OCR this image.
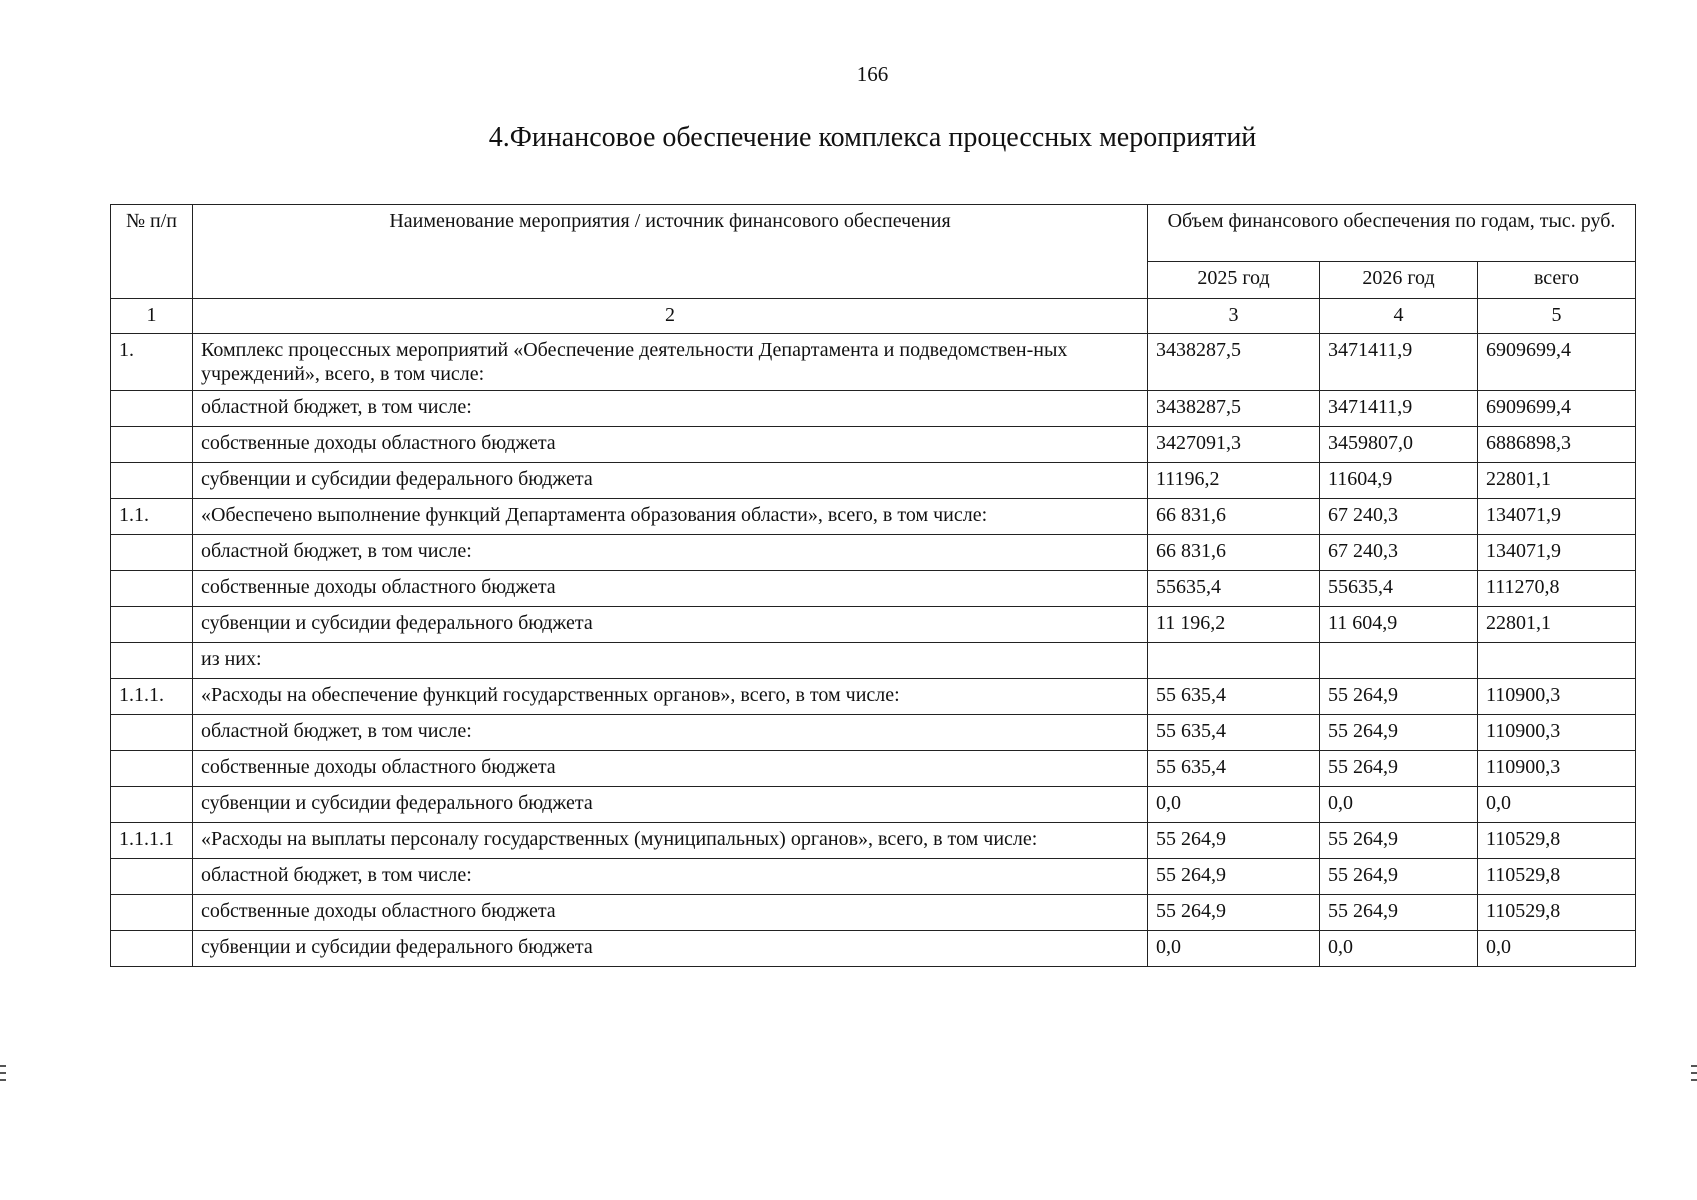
166
4.Финансовое обеспечение комплекса процессных мероприятий
№ п/п	Наименование мероприятия / источник финансового обеспечения	Объем финансового обеспечения по годам, тыс. руб.		
		2025 год	2026 год	всего
1	2	3	4	5
1.	Комплекс процессных мероприятий «Обеспечение деятельности Департамента и подведомствен-ных учреждений», всего, в том числе:	3438287,5	3471411,9	6909699,4
	областной бюджет, в том числе:	3438287,5	3471411,9	6909699,4
	собственные доходы областного бюджета	3427091,3	3459807,0	6886898,3
	субвенции и субсидии федерального бюджета	11196,2	11604,9	22801,1
1.1.	«Обеспечено выполнение функций Департамента образования области», всего, в том числе:	66 831,6	67 240,3	134071,9
	областной бюджет, в том числе:	66 831,6	67 240,3	134071,9
	собственные доходы областного бюджета	55635,4	55635,4	111270,8
	субвенции и субсидии федерального бюджета	11 196,2	11 604,9	22801,1
	из них:			
1.1.1.	«Расходы на обеспечение функций государственных органов», всего, в том числе:	55 635,4	55 264,9	110900,3
	областной бюджет, в том числе:	55 635,4	55 264,9	110900,3
	собственные доходы областного бюджета	55 635,4	55 264,9	110900,3
	субвенции и субсидии федерального бюджета	0,0	0,0	0,0
1.1.1.1	«Расходы на выплаты персоналу государственных (муниципальных) органов», всего, в том числе:	55 264,9	55 264,9	110529,8
	областной бюджет, в том числе:	55 264,9	55 264,9	110529,8
	собственные доходы областного бюджета	55 264,9	55 264,9	110529,8
	субвенции и субсидии федерального бюджета	0,0	0,0	0,0
